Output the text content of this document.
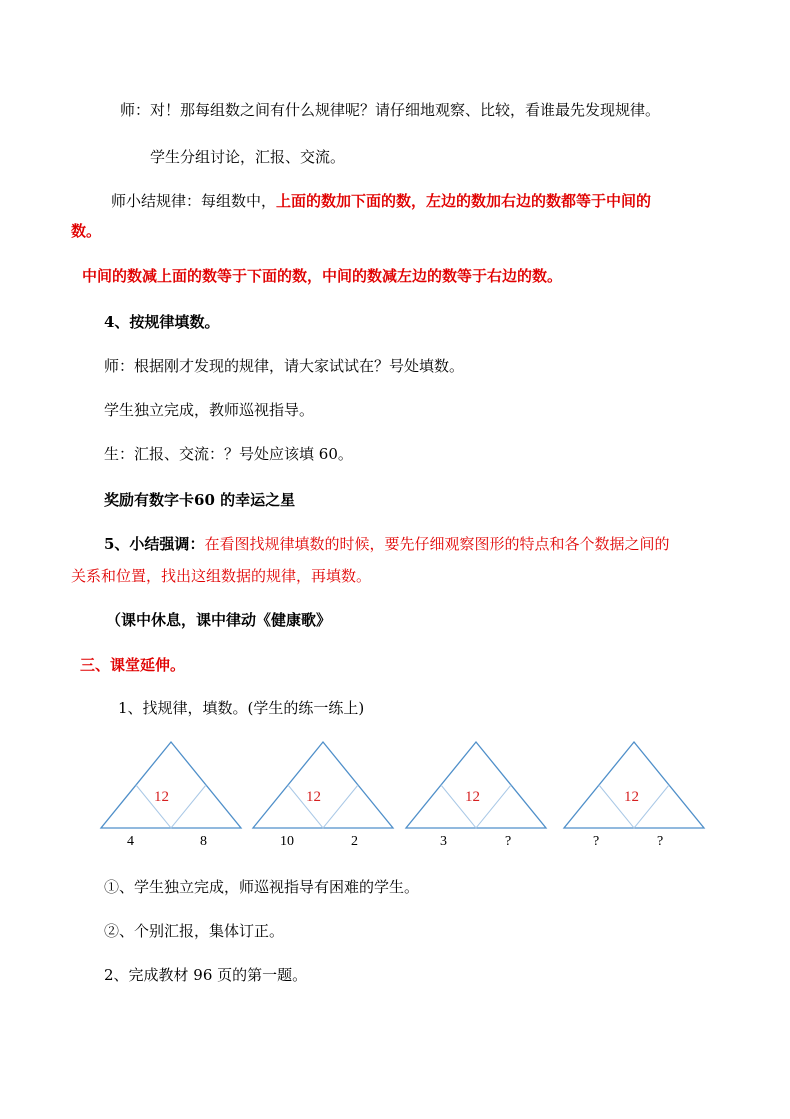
师：对！那每组数之间有什么规律呢？请仔细地观察、比较，看谁最先发现规律。
学生分组讨论，汇报、交流。
师小结规律：每组数中，上面的数加下面的数，左边的数加右边的数都等于中间的
数。
中间的数减上面的数等于下面的数，中间的数减左边的数等于右边的数。
4、按规律填数。
师：根据刚才发现的规律，请大家试试在？号处填数。
学生独立完成，教师巡视指导。
生：汇报、交流：？号处应该填 60。
奖励有数字卡60 的幸运之星
5、小结强调：在看图找规律填数的时候，要先仔细观察图形的特点和各个数据之间的
关系和位置，找出这组数据的规律，再填数。
（课中休息，课中律动《健康歌》
三、课堂延伸。
1、找规律，填数。(学生的练一练上)
12
4	8
12
10	2
12
3	?
12
?	?
①、学生独立完成，师巡视指导有困难的学生。
②、个别汇报，集体订正。
2、完成教材 96 页的第一题。
